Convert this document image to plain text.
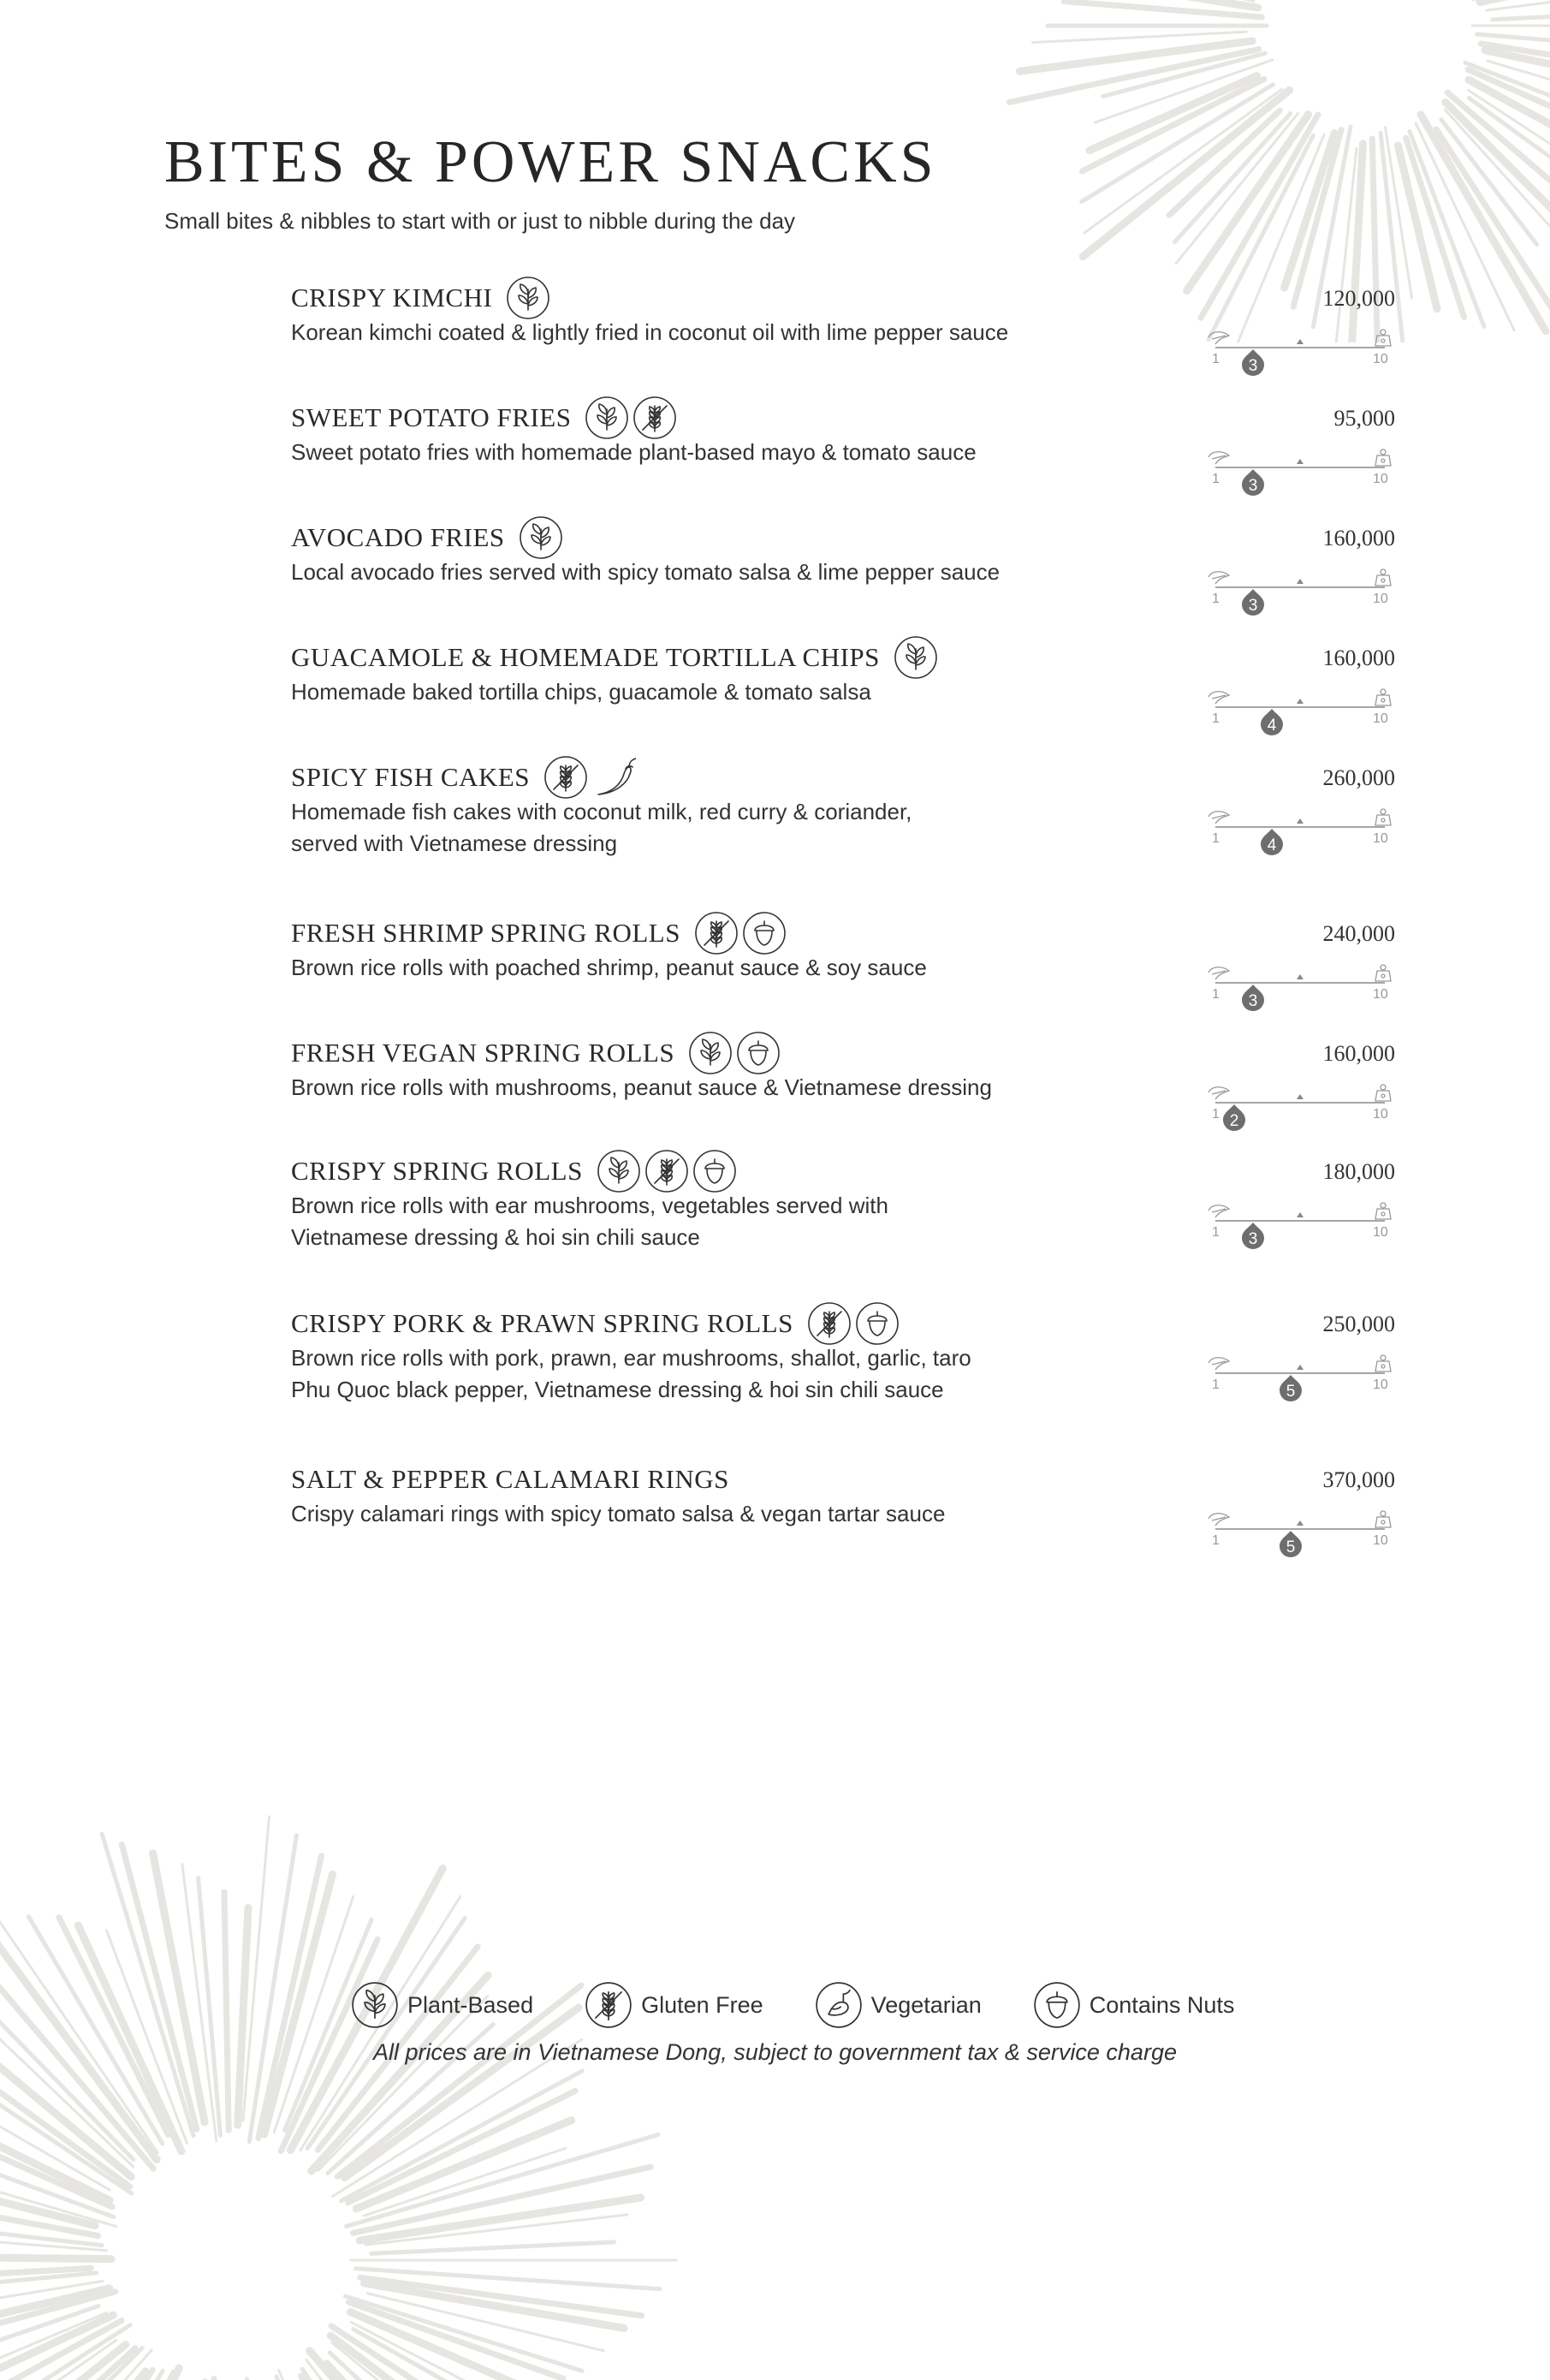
BITES & POWER SNACKS
Small bites & nibbles to start with or just to nibble during the day
CRISPY KIMCHI
Korean kimchi coated & lightly fried in coconut oil with lime pepper sauce
120,000
1	10
3
SWEET POTATO FRIES
Sweet potato fries with homemade plant-based mayo & tomato sauce
95,000
1	10
3
AVOCADO FRIES
Local avocado fries served with spicy tomato salsa & lime pepper sauce
160,000
1	10
3
GUACAMOLE & HOMEMADE TORTILLA CHIPS
Homemade baked tortilla chips, guacamole & tomato salsa
160,000
1	10
4
SPICY FISH CAKES
Homemade fish cakes with coconut milk, red curry & coriander,
served with Vietnamese dressing
260,000
1	10
4
FRESH SHRIMP SPRING ROLLS
Brown rice rolls with poached shrimp, peanut sauce & soy sauce
240,000
1	10
3
FRESH VEGAN SPRING ROLLS
Brown rice rolls with mushrooms, peanut sauce & Vietnamese dressing
160,000
1	10
2
CRISPY SPRING ROLLS
Brown rice rolls with ear mushrooms, vegetables served with
Vietnamese dressing & hoi sin chili sauce
180,000
1	10
3
CRISPY PORK & PRAWN SPRING ROLLS
Brown rice rolls with pork, prawn, ear mushrooms, shallot, garlic, taro
Phu Quoc black pepper, Vietnamese dressing & hoi sin chili sauce
250,000
1	10
5
SALT & PEPPER CALAMARI RINGS
Crispy calamari rings with spicy tomato salsa & vegan tartar sauce
370,000
1	10
5
Plant-Based	Gluten Free	Vegetarian	Contains Nuts
All prices are in Vietnamese Dong, subject to government tax & service charge
